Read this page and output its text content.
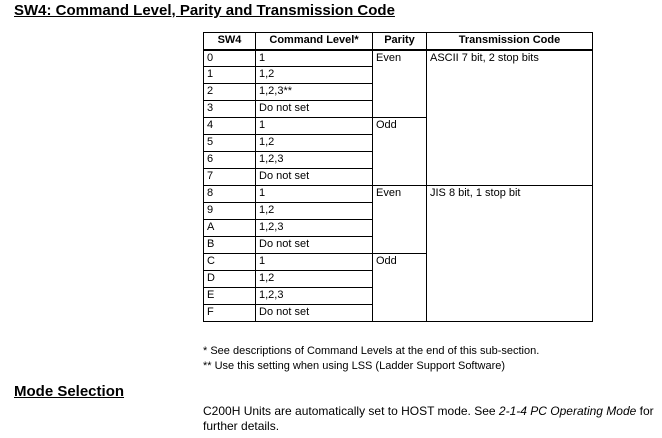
SW4: Command Level, Parity and Transmission Code
SW4	Command Level*	Parity	Transmission Code
0	1	Even	ASCII 7 bit, 2 stop bits
1	1,2		
2	1,2,3**		
3	Do not set		
4	1	Odd	
5	1,2		
6	1,2,3		
7	Do not set		
8	1	Even	JIS 8 bit, 1 stop bit
9	1,2		
A	1,2,3		
B	Do not set		
C	1	Odd	
D	1,2		
E	1,2,3		
F	Do not set		
* See descriptions of Command Levels at the end of this sub-section.
** Use this setting when using LSS (Ladder Support Software)
Mode Selection
C200H Units are automatically set to HOST mode. See 2-1-4 PC Operating Mode for further details.
